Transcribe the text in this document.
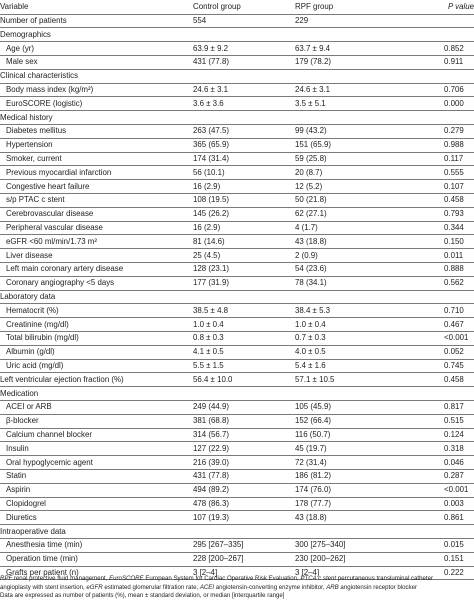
Variable	Control group	RPF group	P value
Number of patients	554	229
Demographics
Age (yr)	63.9 ± 9.2	63.7 ± 9.4	0.852
Male sex	431 (77.8)	179 (78.2)	0.911
Clinical characteristics
Body mass index (kg/m²)	24.6 ± 3.1	24.6 ± 3.1	0.706
EuroSCORE (logistic)	3.6 ± 3.6	3.5 ± 5.1	0.000
Medical history
Diabetes mellitus	263 (47.5)	99 (43.2)	0.279
Hypertension	365 (65.9)	151 (65.9)	0.988
Smoker, current	174 (31.4)	59 (25.8)	0.117
Previous myocardial infarction	56 (10.1)	20 (8.7)	0.555
Congestive heart failure	16 (2.9)	12 (5.2)	0.107
s/p PTAC c stent	108 (19.5)	50 (21.8)	0.458
Cerebrovascular disease	145 (26.2)	62 (27.1)	0.793
Peripheral vascular disease	16 (2.9)	4 (1.7)	0.344
eGFR <60 ml/min/1.73 m²	81 (14.6)	43 (18.8)	0.150
Liver disease	25 (4.5)	2 (0.9)	0.011
Left main coronary artery disease	128 (23.1)	54 (23.6)	0.888
Coronary angiography <5 days	177 (31.9)	78 (34.1)	0.562
Laboratory data
Hematocrit (%)	38.5 ± 4.8	38.4 ± 5.3	0.710
Creatinine (mg/dl)	1.0 ± 0.4	1.0 ± 0.4	0.467
Total bilirubin (mg/dl)	0.8 ± 0.3	0.7 ± 0.3	<0.001
Albumin (g/dl)	4.1 ± 0.5	4.0 ± 0.5	0.052
Uric acid (mg/dl)	5.5 ± 1.5	5.4 ± 1.6	0.745
Left ventricular ejection fraction (%)	56.4 ± 10.0	57.1 ± 10.5	0.458
Medication
ACEI or ARB	249 (44.9)	105 (45.9)	0.817
β-blocker	381 (68.8)	152 (66.4)	0.515
Calcium channel blocker	314 (56.7)	116 (50.7)	0.124
Insulin	127 (22.9)	45 (19.7)	0.318
Oral hypoglycemic agent	216 (39.0)	72 (31.4)	0.046
Statin	431 (77.8)	186 (81.2)	0.287
Aspirin	494 (89.2)	174 (76.0)	<0.001
Clopidogrel	478 (86.3)	178 (77.7)	0.003
Diuretics	107 (19.3)	43 (18.8)	0.861
Intraoperative data
Anesthesia time (min)	295 [267–335]	300 [275–340]	0.015
Operation time (min)	228 [200–267]	230 [200–262]	0.151
Grafts per patient (n)	3 [2–4]	3 [2–4]	0.222
RPF renal protective fluid management, EuroSCORE European System for Cardiac Operative Risk Evaluation, PTCA c stent percutaneous transluminal catheter
angioplasty with stent insertion, eGFR estimated glomerular filtration rate, ACEI angiotensin-converting enzyme inhibitor, ARB angiotensin receptor blocker
Data are expressed as number of patients (%), mean ± standard deviation, or median [interquartile range]
